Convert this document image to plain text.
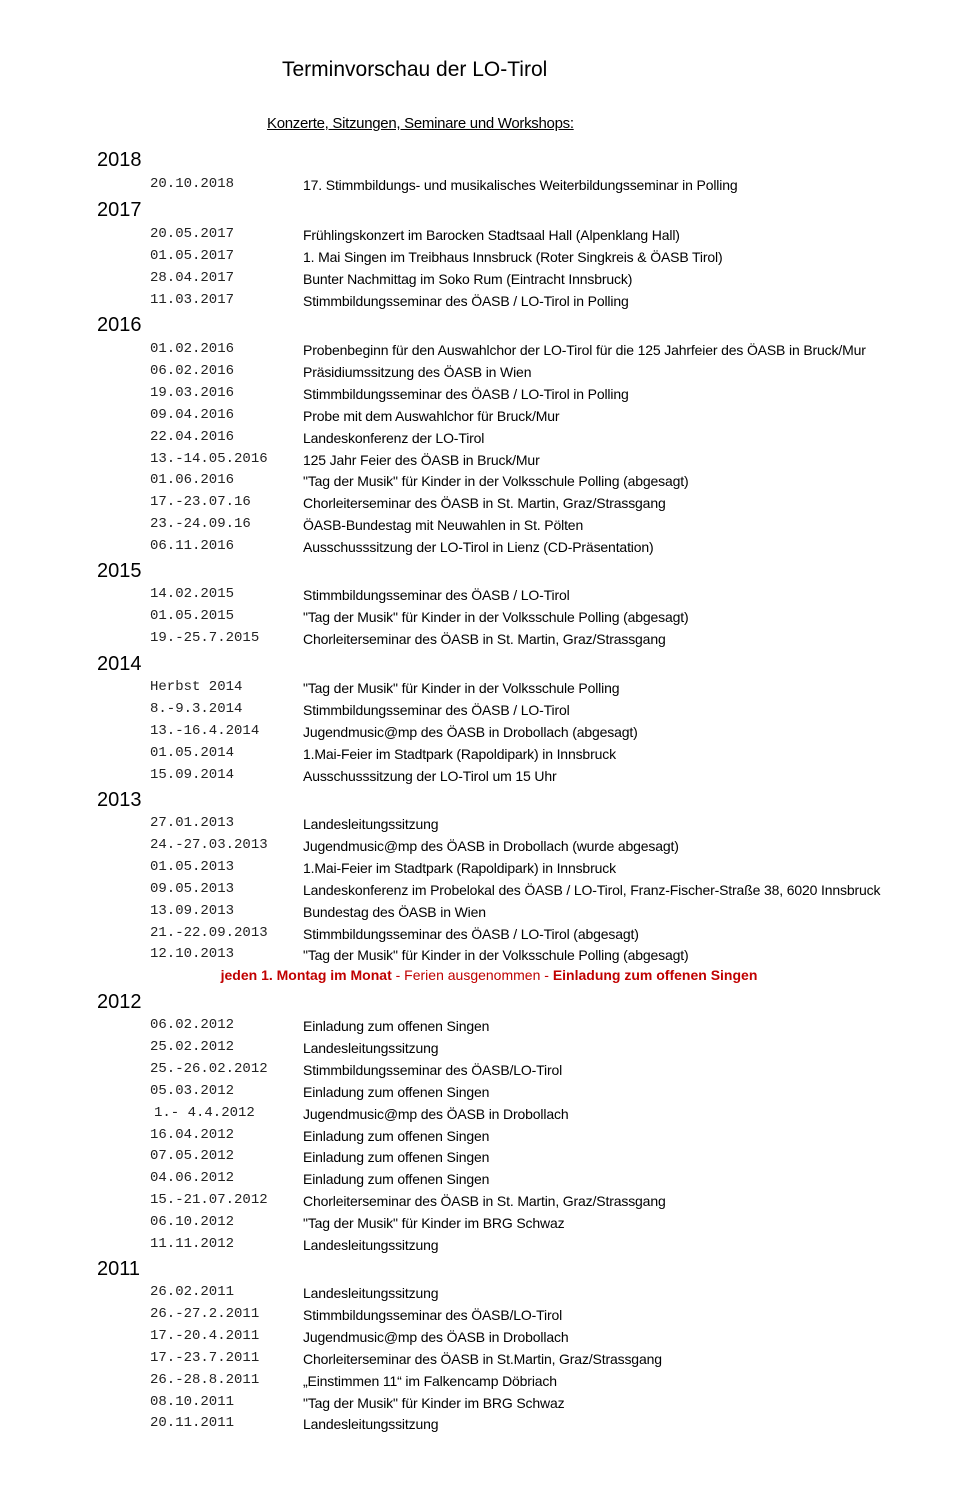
Terminvorschau der LO-Tirol
Konzerte, Sitzungen, Seminare und Workshops:
2018
20.10.2018	17. Stimmbildungs- und musikalisches Weiterbildungsseminar in Polling
2017
20.05.2017	Frühlingskonzert im Barocken Stadtsaal Hall (Alpenklang Hall)
01.05.2017	1. Mai Singen im Treibhaus Innsbruck (Roter Singkreis & ÖASB Tirol)
28.04.2017	Bunter Nachmittag im Soko Rum (Eintracht Innsbruck)
11.03.2017	Stimmbildungsseminar des ÖASB / LO-Tirol in Polling
2016
01.02.2016	Probenbeginn für den Auswahlchor der LO-Tirol für die 125 Jahrfeier des ÖASB in Bruck/Mur
06.02.2016	Präsidiumssitzung des ÖASB in Wien
19.03.2016	Stimmbildungsseminar des ÖASB / LO-Tirol in Polling
09.04.2016	Probe mit dem Auswahlchor für Bruck/Mur
22.04.2016	Landeskonferenz der LO-Tirol
13.-14.05.2016	125 Jahr Feier des ÖASB in Bruck/Mur
01.06.2016	"Tag der Musik" für Kinder in der Volksschule Polling (abgesagt)
17.-23.07.16	Chorleiterseminar des ÖASB in St. Martin, Graz/Strassgang
23.-24.09.16	ÖASB-Bundestag mit Neuwahlen in St. Pölten
06.11.2016	Ausschusssitzung der LO-Tirol in Lienz (CD-Präsentation)
2015
14.02.2015	Stimmbildungsseminar des ÖASB / LO-Tirol
01.05.2015	"Tag der Musik" für Kinder in der Volksschule Polling (abgesagt)
19.-25.7.2015	Chorleiterseminar des ÖASB in St. Martin, Graz/Strassgang
2014
Herbst 2014	"Tag der Musik" für Kinder in der Volksschule Polling
8.-9.3.2014	Stimmbildungsseminar des ÖASB / LO-Tirol
13.-16.4.2014	Jugendmusic@mp des ÖASB in Drobollach (abgesagt)
01.05.2014	1.Mai-Feier im Stadtpark (Rapoldipark) in Innsbruck
15.09.2014	Ausschusssitzung der LO-Tirol um 15 Uhr
2013
27.01.2013	Landesleitungssitzung
24.-27.03.2013	Jugendmusic@mp des ÖASB in Drobollach (wurde abgesagt)
01.05.2013	1.Mai-Feier im Stadtpark (Rapoldipark) in Innsbruck
09.05.2013	Landeskonferenz im Probelokal des ÖASB / LO-Tirol, Franz-Fischer-Straße 38, 6020 Innsbruck
13.09.2013	Bundestag des ÖASB in Wien
21.-22.09.2013	Stimmbildungsseminar des ÖASB / LO-Tirol (abgesagt)
12.10.2013	"Tag der Musik" für Kinder in der Volksschule Polling (abgesagt)
2012
06.02.2012	Einladung zum offenen Singen
25.02.2012	Landesleitungssitzung
25.-26.02.2012	Stimmbildungsseminar des ÖASB/LO-Tirol
05.03.2012	Einladung zum offenen Singen
1.- 4.4.2012	Jugendmusic@mp des ÖASB in Drobollach
16.04.2012	Einladung zum offenen Singen
07.05.2012	Einladung zum offenen Singen
04.06.2012	Einladung zum offenen Singen
15.-21.07.2012	Chorleiterseminar des ÖASB in St. Martin, Graz/Strassgang
06.10.2012	"Tag der Musik" für Kinder im BRG Schwaz
11.11.2012	Landesleitungssitzung
2011
26.02.2011	Landesleitungssitzung
26.-27.2.2011	Stimmbildungsseminar des ÖASB/LO-Tirol
17.-20.4.2011	Jugendmusic@mp des ÖASB in Drobollach
17.-23.7.2011	Chorleiterseminar des ÖASB in St.Martin, Graz/Strassgang
26.-28.8.2011	„Einstimmen 11“ im Falkencamp Döbriach
08.10.2011	"Tag der Musik" für Kinder im BRG Schwaz
20.11.2011	Landesleitungssitzung
jeden 1. Montag im Monat - Ferien ausgenommen - Einladung zum offenen Singen
